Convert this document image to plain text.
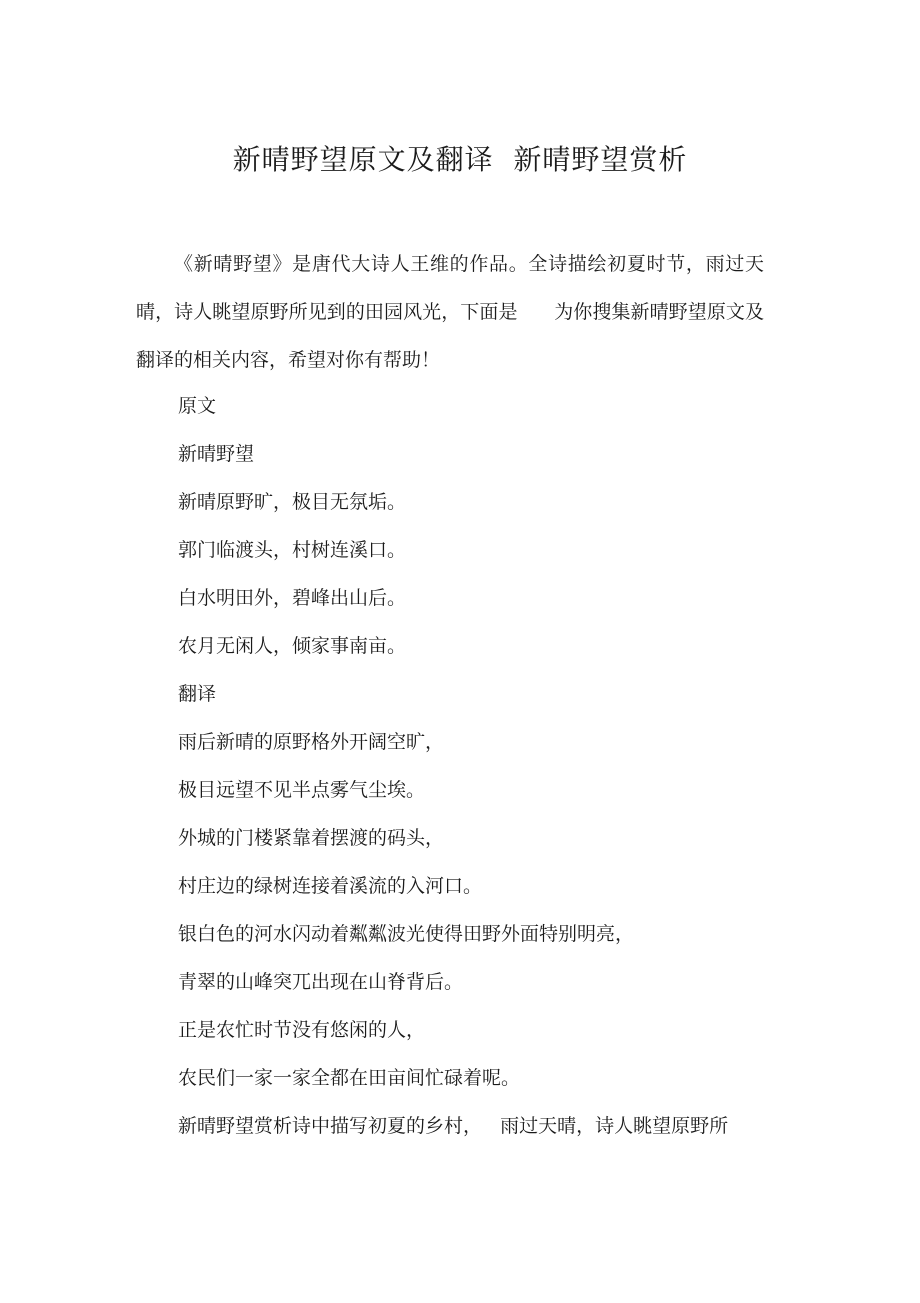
新晴野望原文及翻译  新晴野望赏析

《新晴野望》是唐代大诗人王维的作品。全诗描绘初夏时节，雨过天晴，诗人眺望原野所见到的田园风光，下面是      为你搜集新晴野望原文及翻译的相关内容，希望对你有帮助！

原文

新晴野望

新晴原野旷，极目无氛垢。

郭门临渡头，村树连溪口。

白水明田外，碧峰出山后。

农月无闲人，倾家事南亩。

翻译

雨后新晴的原野格外开阔空旷，

极目远望不见半点雾气尘埃。

外城的门楼紧靠着摆渡的码头，

村庄边的绿树连接着溪流的入河口。

银白色的河水闪动着粼粼波光使得田野外面特别明亮，

青翠的山峰突兀出现在山脊背后。

正是农忙时节没有悠闲的人，

农民们一家一家全都在田亩间忙碌着呢。

新晴野望赏析诗中描写初夏的乡村，   雨过天晴，诗人眺望原野所
